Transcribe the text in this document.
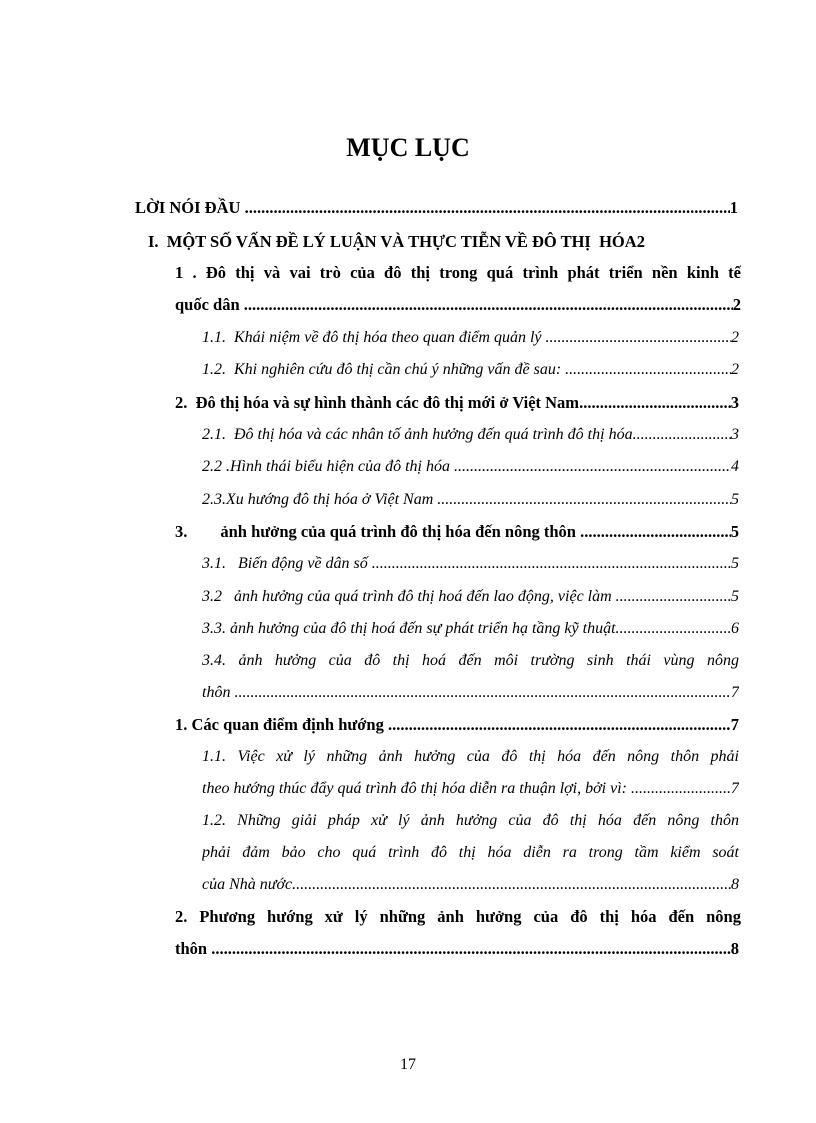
MỤC LỤC
LỜI NÓI ĐẦU .....	1
I.  MỘT SỐ VẤN ĐỀ LÝ LUẬN VÀ THỰC TIỄN VỀ ĐÔ THỊ  HÓA 2
1 . Đô thị và vai trò của đô thị trong quá trình phát triển nền kinh tế
quốc dân .....	2
1.1.  Khái niệm về đô thị hóa theo quan điểm quản lý .....	2
1.2.  Khi nghiên cứu đô thị cần chú ý những vấn đề sau: .....	2
2.  Đô thị hóa và sự hình thành các đô thị mới ở Việt Nam .....	3
2.1.  Đô thị hóa và các nhân tố ảnh hưởng đến quá trình đô thị hóa .....	3
2.2 .Hình thái biểu hiện của đô thị hóa .....	4
2.3.Xu hướng đô thị hóa ở Việt Nam .....	5
3.        ảnh hưởng của quá trình đô thị hóa đến nông thôn .....	5
3.1.   Biến động về dân số .....	5
3.2   ảnh hưởng của quá trình đô thị hoá đến lao động, việc làm .....	5
3.3. ảnh hưởng của đô thị hoá đến sự phát triển hạ tầng kỹ thuật .....	6
3.4. ảnh hưởng của đô thị hoá đến môi trường sinh thái vùng nông
thôn .....	7
1. Các quan điểm định hướng .....	7
1.1. Việc xử lý những ảnh hưởng của đô thị hóa đến nông thôn phải
theo hướng thúc đẩy quá trình đô thị hóa diễn ra thuận lợi, bởi vì: .....	7
1.2. Những giải pháp xử lý ảnh hưởng của đô thị hóa đến nông thôn
phải đảm bảo cho quá trình đô thị hóa diễn ra trong tầm kiểm soát
của Nhà nước .....	8
2. Phương hướng xử lý những ảnh hưởng của đô thị hóa đến nông
thôn .....	8
17
